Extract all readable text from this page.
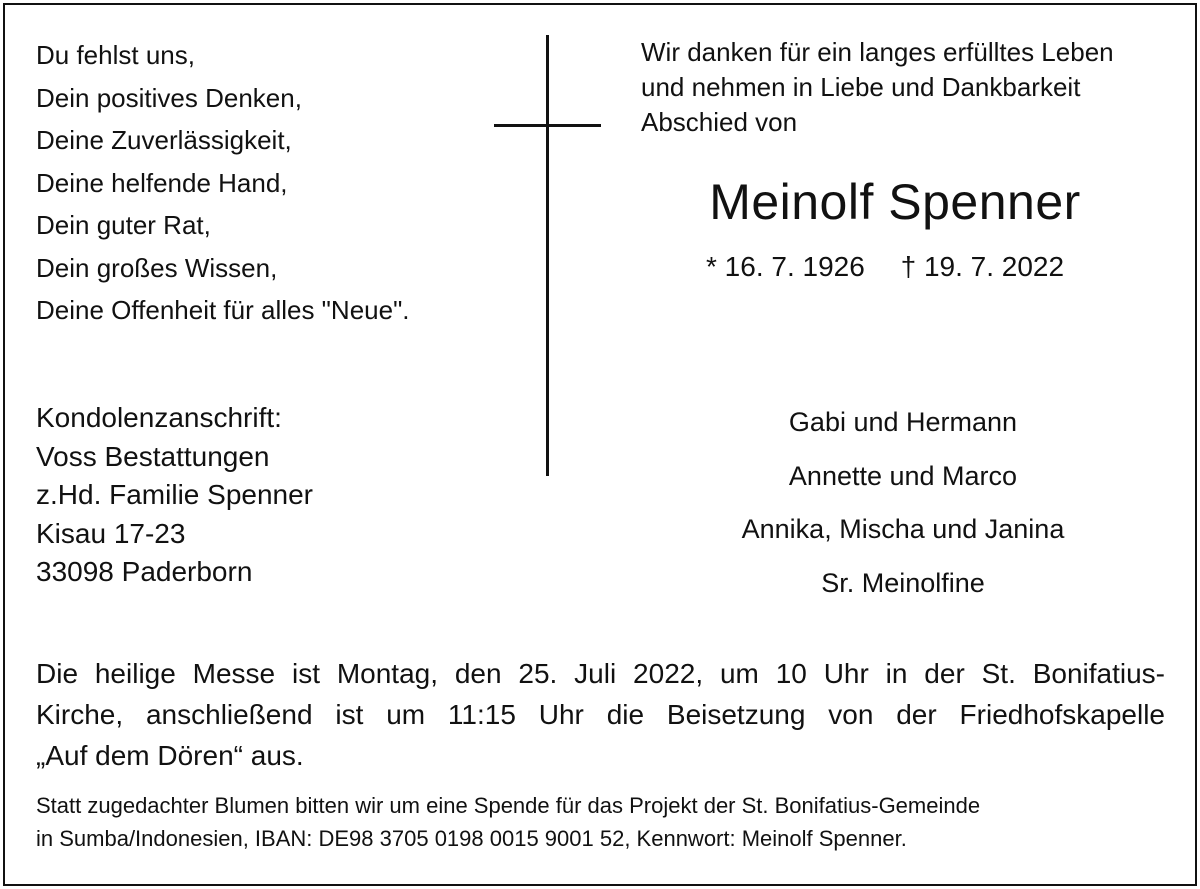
Du fehlst uns,
Dein positives Denken,
Deine Zuverlässigkeit,
Deine helfende Hand,
Dein guter Rat,
Dein großes Wissen,
Deine Offenheit für alles "Neue".
Wir danken für ein langes erfülltes Leben
und nehmen in Liebe und Dankbarkeit
Abschied von
Meinolf Spenner
* 16. 7. 1926 † 19. 7. 2022
Kondolenzanschrift:
Voss Bestattungen
z.Hd. Familie Spenner
Kisau 17-23
33098 Paderborn
Gabi und Hermann
Annette und Marco
Annika, Mischa und Janina
Sr. Meinolfine
Die heilige Messe ist Montag, den 25. Juli 2022, um 10 Uhr in der St. Bonifatius-
Kirche, anschließend ist um 11:15 Uhr die Beisetzung von der Friedhofskapelle
„Auf dem Dören“ aus.
Statt zugedachter Blumen bitten wir um eine Spende für das Projekt der St. Bonifatius-Gemeinde
in Sumba/Indonesien, IBAN: DE98 3705 0198 0015 9001 52, Kennwort: Meinolf Spenner.
